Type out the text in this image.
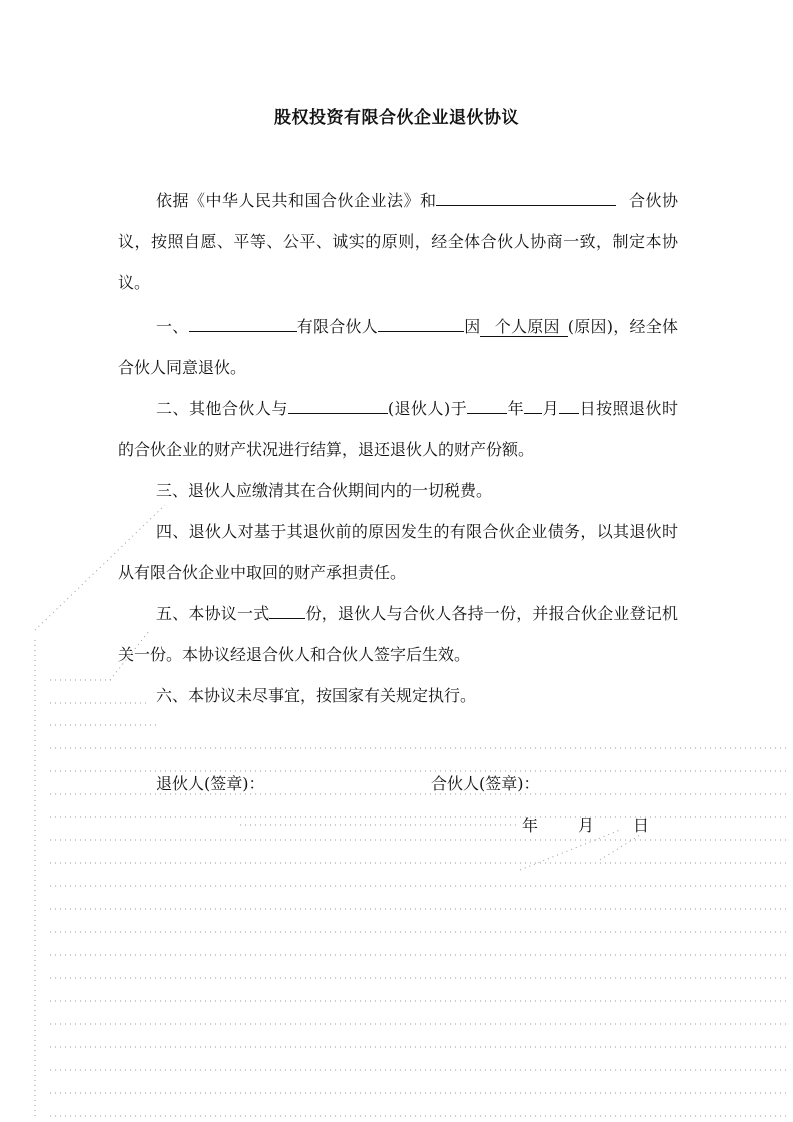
股权投资有限合伙企业退伙协议

依据《中华人民共和国合伙企业法》和	合伙协议，按照自愿、平等、公平、诚实的原则，经全体合伙人协商一致，制定本协议。

一、	有限合伙人	因 个人原因 (原因)，经全体合伙人同意退伙。

二、其他合伙人与	(退伙人)于	年 月 日按照退伙时的合伙企业的财产状况进行结算，退还退伙人的财产份额。

三、退伙人应缴清其在合伙期间内的一切税费。

四、退伙人对基于其退伙前的原因发生的有限合伙企业债务，以其退伙时从有限合伙企业中取回的财产承担责任。

五、本协议一式 份，退伙人与合伙人各持一份，并报合伙企业登记机关一份。本协议经退合伙人和合伙人签字后生效。

六、本协议未尽事宜，按国家有关规定执行。

退伙人(签章)：	合伙人(签章)：
年 月 日
